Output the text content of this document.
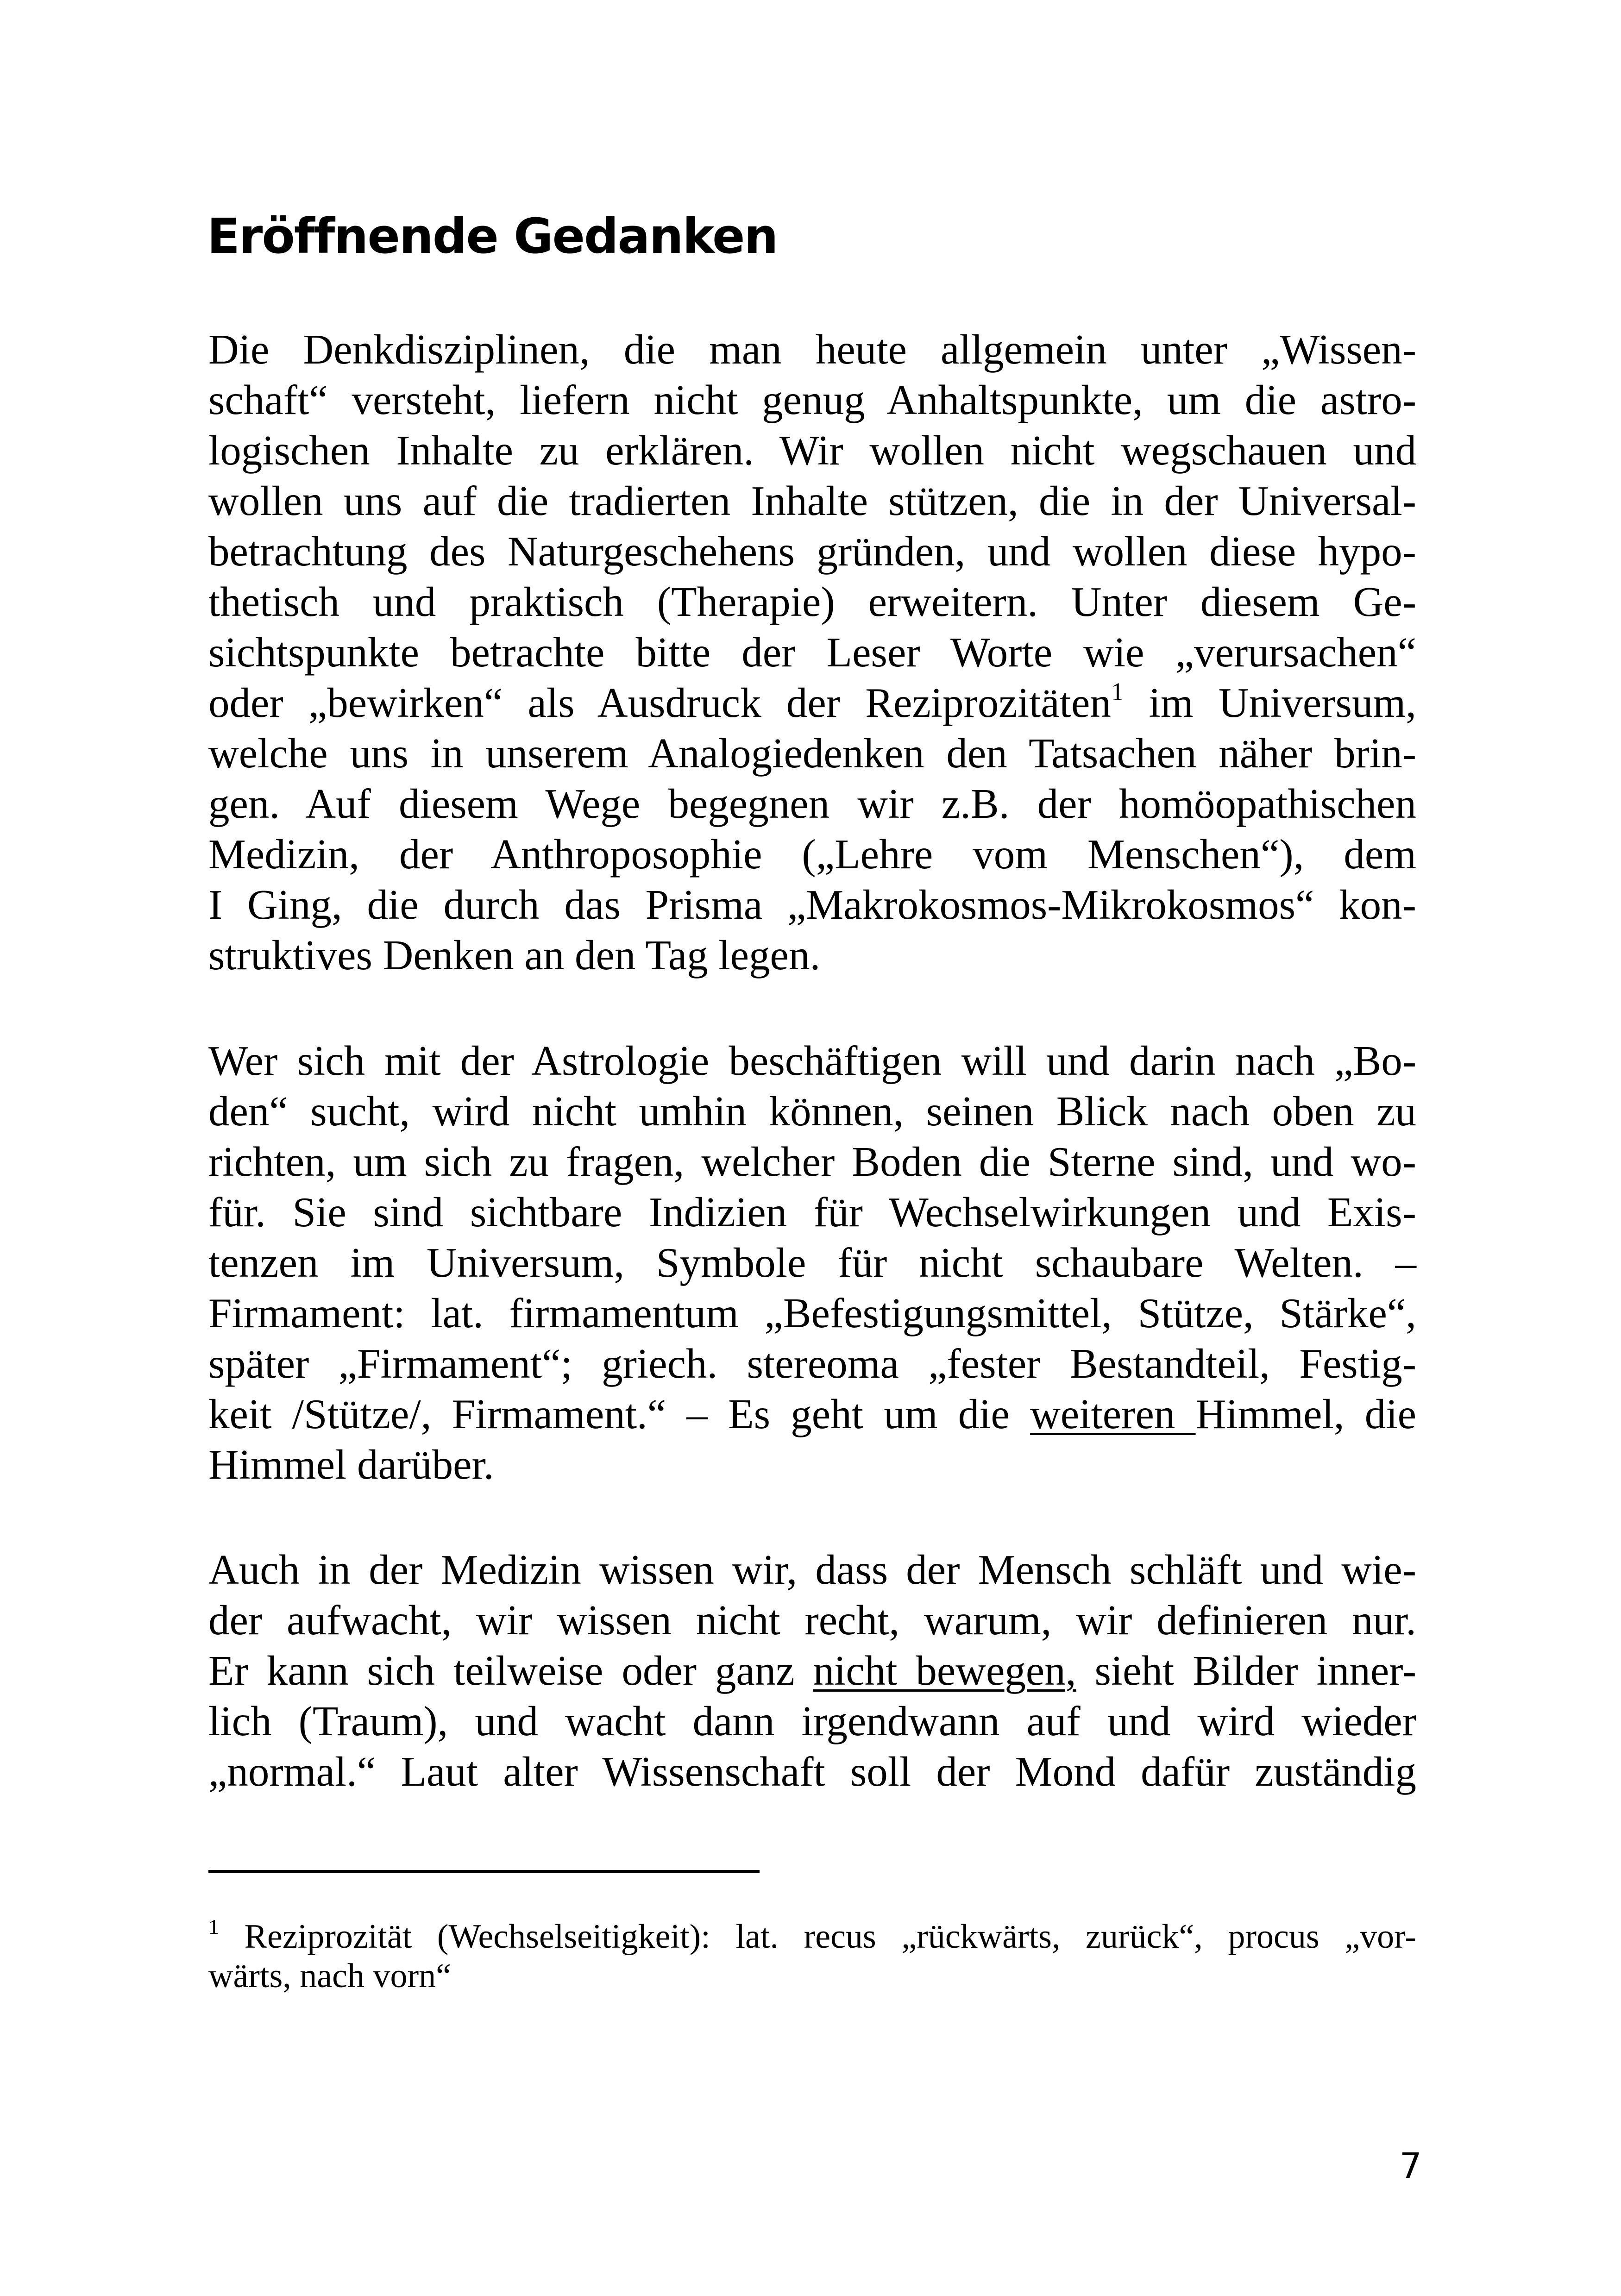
Eröffnende Gedanken
Die Denkdisziplinen, die man heute allgemein unter „Wissen-
schaft“ versteht, liefern nicht genug Anhaltspunkte, um die astro-
logischen Inhalte zu erklären. Wir wollen nicht wegschauen und
wollen uns auf die tradierten Inhalte stützen, die in der Universal-
betrachtung des Naturgeschehens gründen, und wollen diese hypo-
thetisch und praktisch (Therapie) erweitern. Unter diesem Ge-
sichtspunkte betrachte bitte der Leser Worte wie „verursachen“
oder „bewirken“ als Ausdruck der Reziprozitäten$^1$ im Universum,
welche uns in unserem Analogiedenken den Tatsachen näher brin-
gen. Auf diesem Wege begegnen wir z.B. der homöopathischen
Medizin, der Anthroposophie („Lehre vom Menschen“), dem
I Ging, die durch das Prisma „Makrokosmos-Mikrokosmos“ kon-
struktives Denken an den Tag legen.
Wer sich mit der Astrologie beschäftigen will und darin nach „Bo-
den“ sucht, wird nicht umhin können, seinen Blick nach oben zu
richten, um sich zu fragen, welcher Boden die Sterne sind, und wo-
für. Sie sind sichtbare Indizien für Wechselwirkungen und Exis-
tenzen im Universum, Symbole für nicht schaubare Welten. –
Firmament: lat. firmamentum „Befestigungsmittel, Stütze, Stärke“,
später „Firmament“; griech. stereoma „fester Bestandteil, Festig-
keit /Stütze/, Firmament.“ – Es geht um die weiteren Himmel, die
Himmel darüber.
Auch in der Medizin wissen wir, dass der Mensch schläft und wie-
der aufwacht, wir wissen nicht recht, warum, wir definieren nur.
Er kann sich teilweise oder ganz nicht bewegen, sieht Bilder inner-
lich (Traum), und wacht dann irgendwann auf und wird wieder
„normal.“ Laut alter Wissenschaft soll der Mond dafür zuständig
$^1$ Reziprozität (Wechselseitigkeit): lat. recus „rückwärts, zurück“, procus „vor-
wärts, nach vorn“
7
